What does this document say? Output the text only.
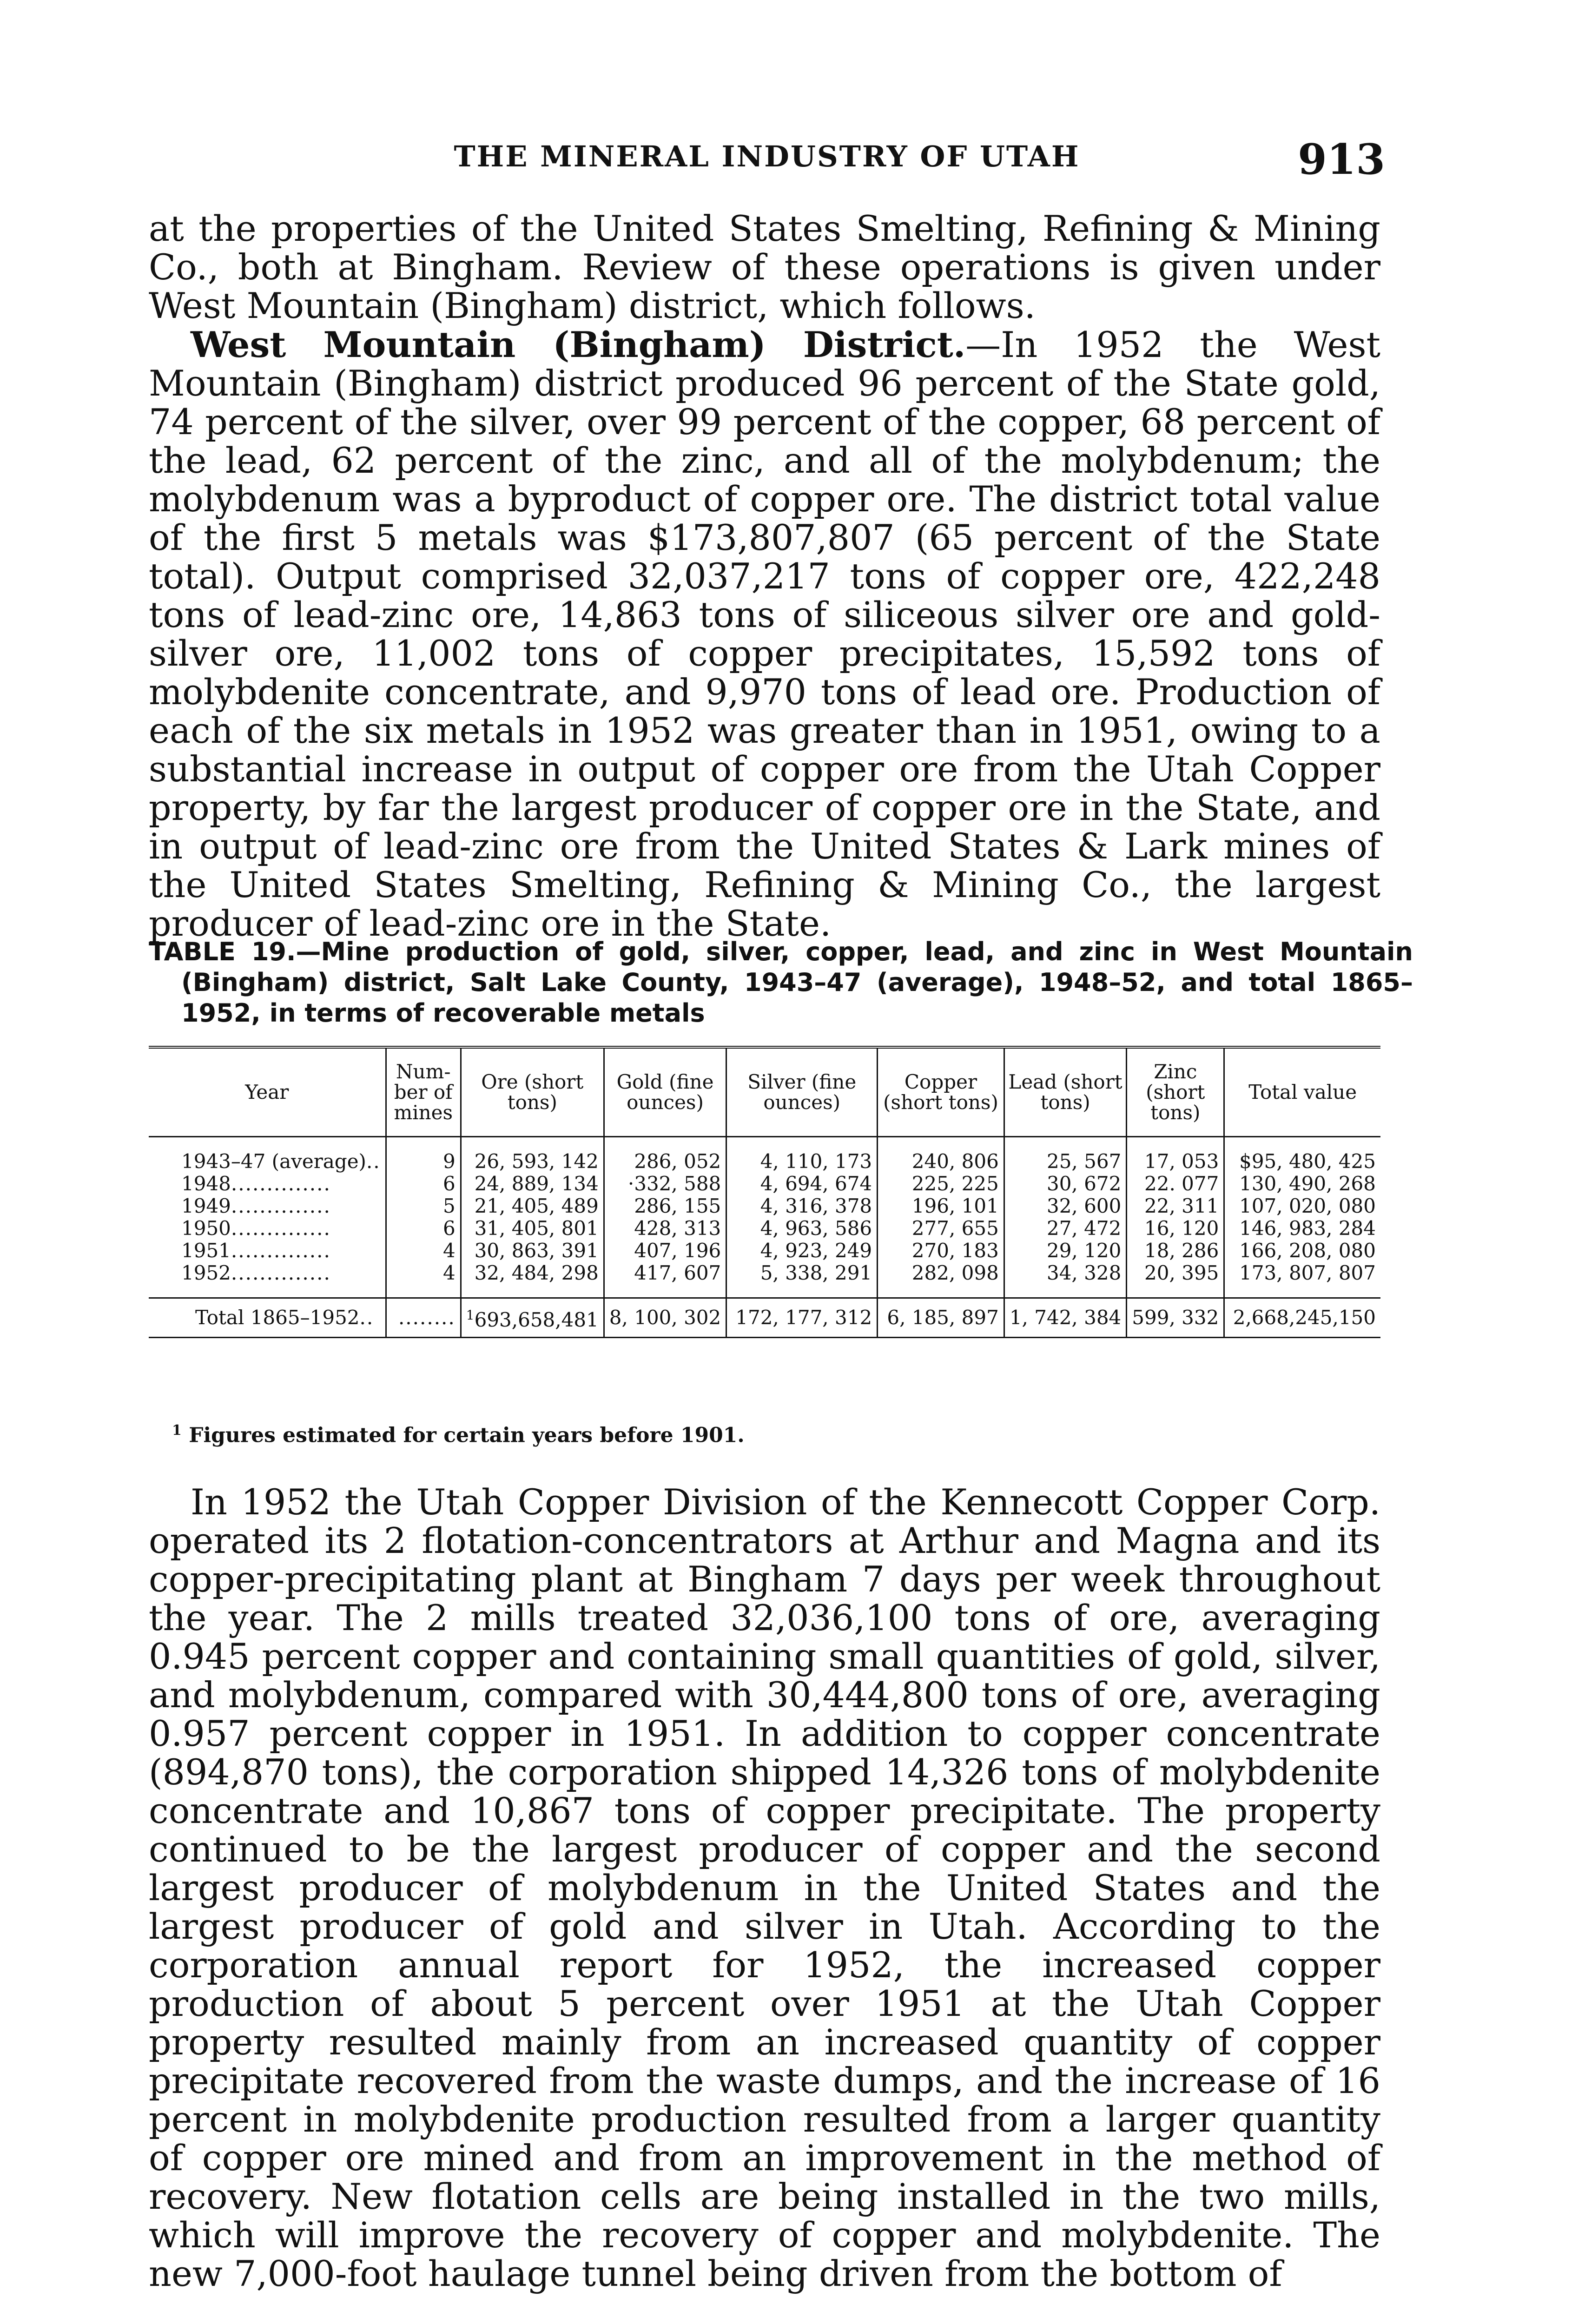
THE MINERAL INDUSTRY OF UTAH	913

at the properties of the United States Smelting, Refining & Mining Co., both at Bingham. Review of these operations is given under West Mountain (Bingham) district, which follows.

West Mountain (Bingham) District.—In 1952 the West Mountain (Bingham) district produced 96 percent of the State gold, 74 percent of the silver, over 99 percent of the copper, 68 percent of the lead, 62 percent of the zinc, and all of the molybdenum; the molybdenum was a byproduct of copper ore. The district total value of the first 5 metals was $173,807,807 (65 percent of the State total). Output comprised 32,037,217 tons of copper ore, 422,248 tons of lead-zinc ore, 14,863 tons of siliceous silver ore and gold-silver ore, 11,002 tons of copper precipitates, 15,592 tons of molybdenite concentrate, and 9,970 tons of lead ore. Production of each of the six metals in 1952 was greater than in 1951, owing to a substantial increase in output of copper ore from the Utah Copper property, by far the largest producer of copper ore in the State, and in output of lead-zinc ore from the United States & Lark mines of the United States Smelting, Refining & Mining Co., the largest producer of lead-zinc ore in the State.

TABLE 19.—Mine production of gold, silver, copper, lead, and zinc in West Mountain (Bingham) district, Salt Lake County, 1943–47 (average), 1948–52, and total 1865–1952, in terms of recoverable metals
Year	Num- ber of mines	Ore (short tons)	Gold (fine ounces)	Silver (fine ounces)	Copper (short tons)	Lead (short tons)	Zinc (short tons)	Total value
1943–47 (average)..	9	26, 593, 142	286, 052	4, 110, 173	240, 806	25, 567	17, 053	$95, 480, 425
1948..............	6	24, 889, 134	·332, 588	4, 694, 674	225, 225	30, 672	22. 077	130, 490, 268
1949..............	5	21, 405, 489	286, 155	4, 316, 378	196, 101	32, 600	22, 311	107, 020, 080
1950..............	6	31, 405, 801	428, 313	4, 963, 586	277, 655	27, 472	16, 120	146, 983, 284
1951..............	4	30, 863, 391	407, 196	4, 923, 249	270, 183	29, 120	18, 286	166, 208, 080
1952..............	4	32, 484, 298	417, 607	5, 338, 291	282, 098	34, 328	20, 395	173, 807, 807
Total 1865–1952..	........	$^1$693,658,481	8, 100, 302	172, 177, 312	6, 185, 897	1, 742, 384	599, 332	2,668,245,150
$^1$ Figures estimated for certain years before 1901.

In 1952 the Utah Copper Division of the Kennecott Copper Corp. operated its 2 flotation-concentrators at Arthur and Magna and its copper-precipitating plant at Bingham 7 days per week throughout the year. The 2 mills treated 32,036,100 tons of ore, averaging 0.945 percent copper and containing small quantities of gold, silver, and molybdenum, compared with 30,444,800 tons of ore, averaging 0.957 percent copper in 1951. In addition to copper concentrate (894,870 tons), the corporation shipped 14,326 tons of molybdenite concentrate and 10,867 tons of copper precipitate. The property continued to be the largest producer of copper and the second largest producer of molybdenum in the United States and the largest producer of gold and silver in Utah. According to the corporation annual report for 1952, the increased copper production of about 5 percent over 1951 at the Utah Copper property resulted mainly from an increased quantity of copper precipitate recovered from the waste dumps, and the increase of 16 percent in molybdenite production resulted from a larger quantity of copper ore mined and from an improvement in the method of recovery. New flotation cells are being installed in the two mills, which will improve the recovery of copper and molybdenite. The new 7,000-foot haulage tunnel being driven from the bottom of
